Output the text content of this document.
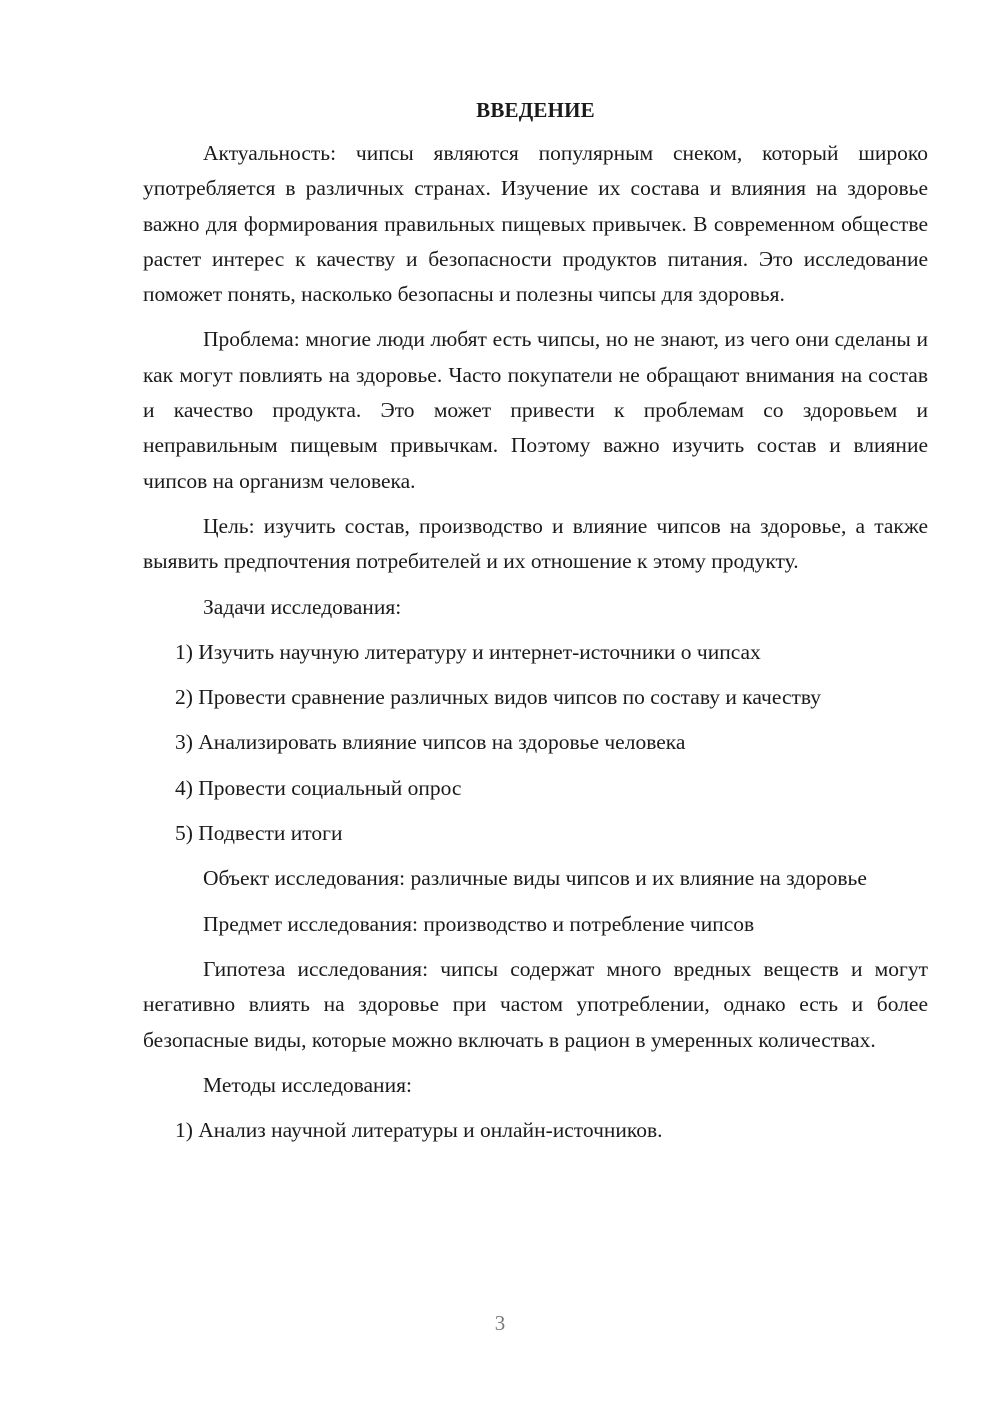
ВВЕДЕНИЕ

Актуальность: чипсы являются популярным снеком, который широко употребляется в различных странах. Изучение их состава и влияния на здоровье важно для формирования правильных пищевых привычек. В современном обществе растет интерес к качеству и безопасности продуктов питания. Это исследование поможет понять, насколько безопасны и полезны чипсы для здоровья.

Проблема: многие люди любят есть чипсы, но не знают, из чего они сделаны и как могут повлиять на здоровье. Часто покупатели не обращают внимания на состав и качество продукта. Это может привести к проблемам со здоровьем и неправильным пищевым привычкам. Поэтому важно изучить состав и влияние чипсов на организм человека.

Цель: изучить состав, производство и влияние чипсов на здоровье, а также выявить предпочтения потребителей и их отношение к этому продукту.

Задачи исследования:

1) Изучить научную литературу и интернет-источники о чипсах
2) Провести сравнение различных видов чипсов по составу и качеству
3) Анализировать влияние чипсов на здоровье человека
4) Провести социальный опрос
5) Подвести итоги

Объект исследования: различные виды чипсов и их влияние на здоровье

Предмет исследования: производство и потребление чипсов

Гипотеза исследования: чипсы содержат много вредных веществ и могут негативно влиять на здоровье при частом употреблении, однако есть и более безопасные виды, которые можно включать в рацион в умеренных количествах.

Методы исследования:

1) Анализ научной литературы и онлайн-источников.
3
